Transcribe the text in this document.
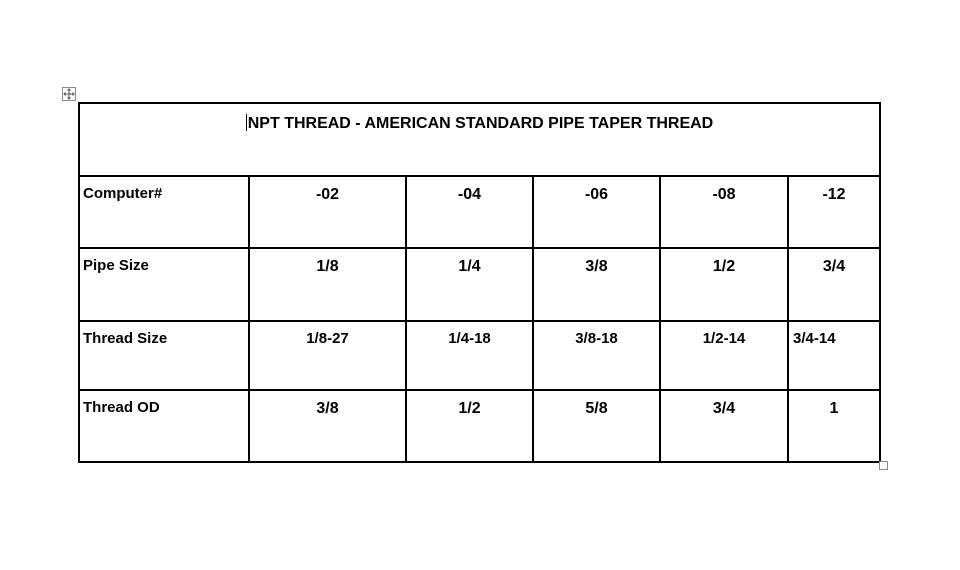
NPT THREAD - AMERICAN STANDARD PIPE TAPER THREAD					
Computer#	-02	-04	-06	-08	-12
Pipe Size	1/8	1/4	3/8	1/2	3/4
Thread Size	1/8-27	1/4-18	3/8-18	1/2-14	3/4-14
Thread OD	3/8	1/2	5/8	3/4	1
